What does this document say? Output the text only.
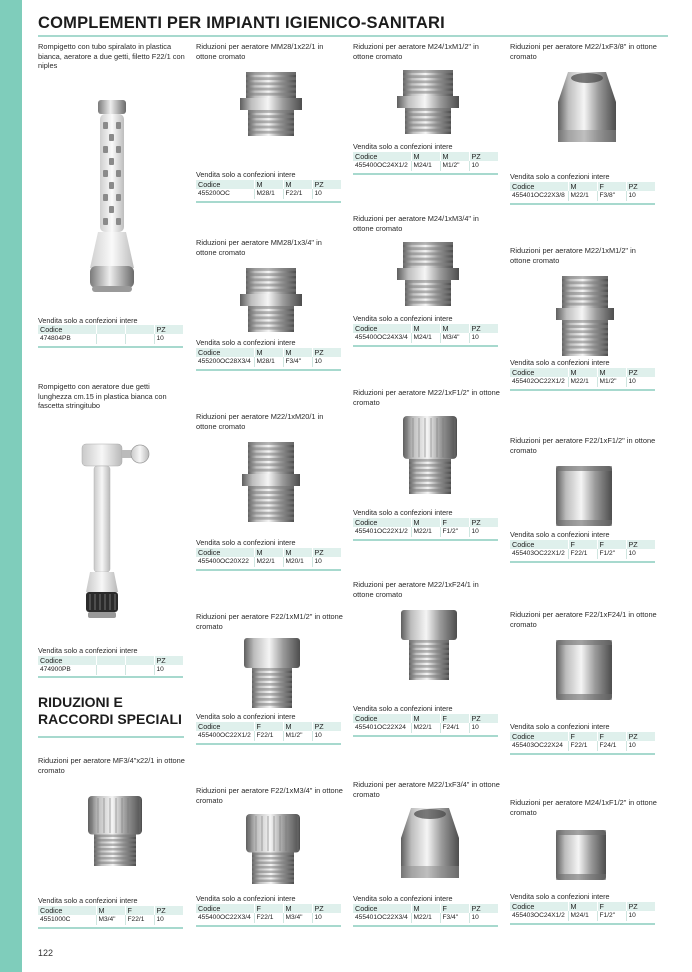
COMPLEMENTI PER IMPIANTI IGIENICO-SANITARI
Rompigetto con tubo spiralato in plastica bianca, aeratore a due getti, filetto F22/1 con niples
Vendita solo a confezioni intere
Codice			PZ
474804PB			10
Rompigetto con aeratore due getti lunghezza cm.15 in plastica bianca con fascetta stringitubo
Vendita solo a confezioni intere
Codice			PZ
474900PB			10
RIDUZIONI E
RACCORDI SPECIALI
Riduzioni per aeratore MF3/4"x22/1 in ottone cromato
Vendita solo a confezioni intere
Codice	M	F	PZ
4551000C	M3/4"	F22/1	10
Riduzioni per aeratore MM28/1x22/1 in ottone cromato
Vendita solo a confezioni intere
Codice	M	M	PZ
455200OC	M28/1	F22/1	10
Riduzioni per aeratore MM28/1x3/4" in ottone cromato
Vendita solo a confezioni intere
Codice	M	M	PZ
455200OC28X3/4	M28/1	F3/4"	10
Riduzioni per aeratore M22/1xM20/1 in ottone cromato
Vendita solo a confezioni intere
Codice	M	M	PZ
455400OC20X22	M22/1	M20/1	10
Riduzioni per aeratore F22/1xM1/2" in ottone cromato
Vendita solo a confezioni intere
Codice	F	M	PZ
455400OC22X1/2	F22/1	M1/2"	10
Riduzioni per aeratore F22/1xM3/4" in ottone cromato
Vendita solo a confezioni intere
Codice	F	M	PZ
455400OC22X3/4	F22/1	M3/4"	10
Riduzioni per aeratore M24/1xM1/2" in ottone cromato
Vendita solo a confezioni intere
Codice	M	M	PZ
455400OC24X1/2	M24/1	M1/2"	10
Riduzioni per aeratore M24/1xM3/4" in ottone cromato
Vendita solo a confezioni intere
Codice	M	M	PZ
455400OC24X3/4	M24/1	M3/4"	10
Riduzioni per aeratore M22/1xF1/2" in ottone cromato
Vendita solo a confezioni intere
Codice	M	F	PZ
455401OC22X1/2	M22/1	F1/2"	10
Riduzioni per aeratore M22/1xF24/1 in ottone cromato
Vendita solo a confezioni intere
Codice	M	F	PZ
455401OC22X24	M22/1	F24/1	10
Riduzioni per aeratore M22/1xF3/4" in ottone cromato
Vendita solo a confezioni intere
Codice	M	F	PZ
455401OC22X3/4	M22/1	F3/4"	10
Riduzioni per aeratore M22/1xF3/8" in ottone cromato
Vendita solo a confezioni intere
Codice	M	F	PZ
455401OC22X3/8	M22/1	F3/8"	10
Riduzioni per aeratore M22/1xM1/2" in ottone cromato
Vendita solo a confezioni intere
Codice	M	M	PZ
455402OC22X1/2	M22/1	M1/2"	10
Riduzioni per aeratore F22/1xF1/2" in ottone cromato
Vendita solo a confezioni intere
Codice	F	F	PZ
455403OC22X1/2	F22/1	F1/2"	10
Riduzioni per aeratore F22/1xF24/1 in ottone cromato
Vendita solo a confezioni intere
Codice	F	F	PZ
455403OC22X24	F22/1	F24/1	10
Riduzioni per aeratore M24/1xF1/2" in ottone cromato
Vendita solo a confezioni intere
Codice	M	F	PZ
455403OC24X1/2	M24/1	F1/2"	10
122
